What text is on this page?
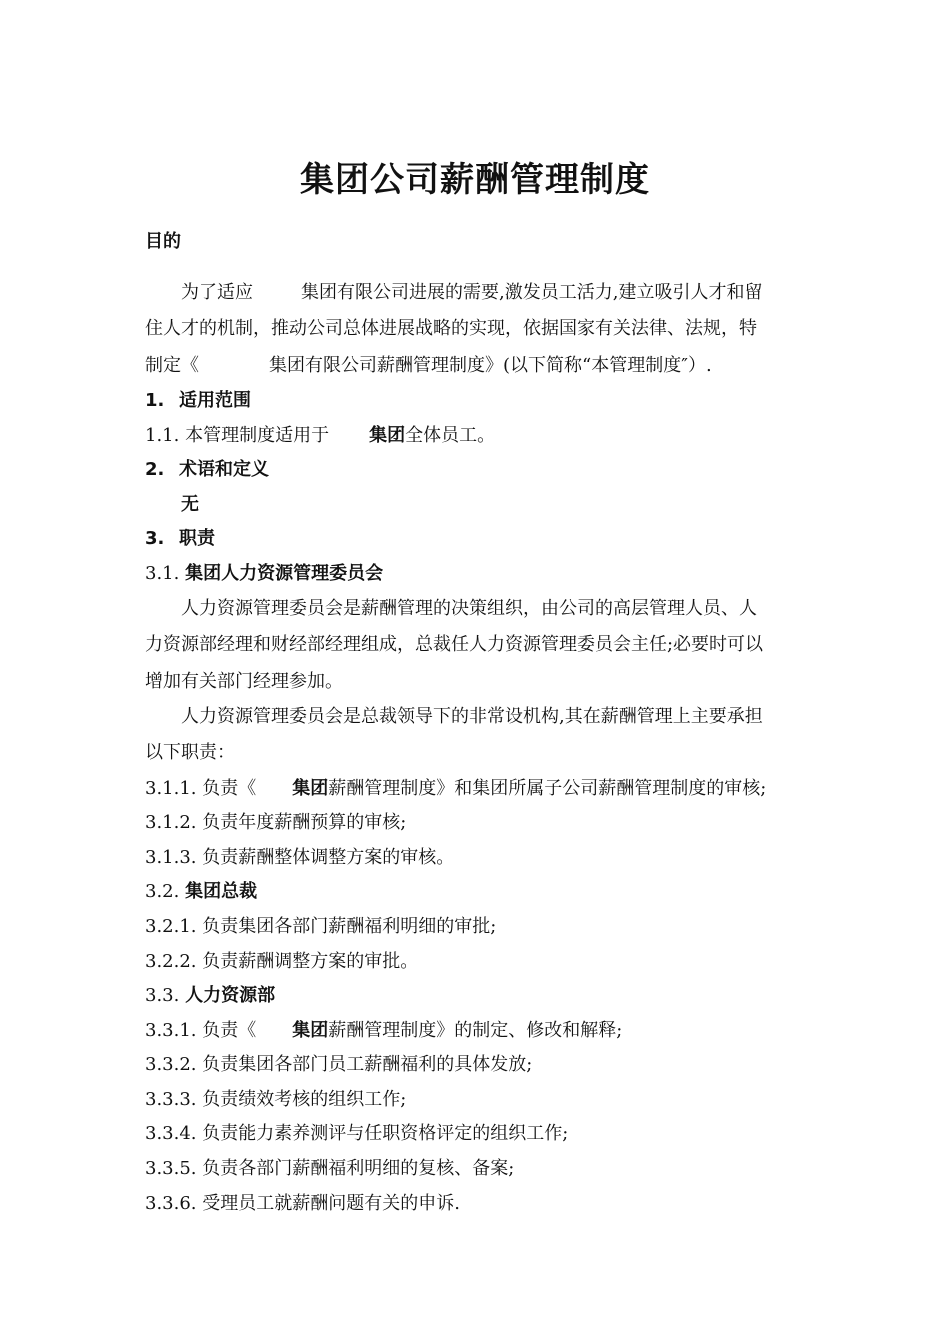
集团公司薪酬管理制度
目的
为了适应	集团有限公司进展的需要,激发员工活力,建立吸引人才和留
住人才的机制，推动公司总体进展战略的实现，依据国家有关法律、法规，特
制定《	集团有限公司薪酬管理制度》(以下简称“本管理制度″）.
1. 适用范围
1.1. 本管理制度适用于 集团全体员工。
2. 术语和定义
无
3. 职责
3.1. 集团人力资源管理委员会
人力资源管理委员会是薪酬管理的决策组织，由公司的高层管理人员、人
力资源部经理和财经部经理组成，总裁任人力资源管理委员会主任;必要时可以
增加有关部门经理参加。
人力资源管理委员会是总裁领导下的非常设机构,其在薪酬管理上主要承担
以下职责：
3.1.1. 负责《 集团薪酬管理制度》和集团所属子公司薪酬管理制度的审核;
3.1.2. 负责年度薪酬预算的审核;
3.1.3. 负责薪酬整体调整方案的审核。
3.2. 集团总裁
3.2.1. 负责集团各部门薪酬福利明细的审批;
3.2.2. 负责薪酬调整方案的审批。
3.3. 人力资源部
3.3.1. 负责《 集团薪酬管理制度》的制定、修改和解释;
3.3.2. 负责集团各部门员工薪酬福利的具体发放;
3.3.3. 负责绩效考核的组织工作;
3.3.4. 负责能力素养测评与任职资格评定的组织工作;
3.3.5. 负责各部门薪酬福利明细的复核、备案;
3.3.6. 受理员工就薪酬问题有关的申诉.
